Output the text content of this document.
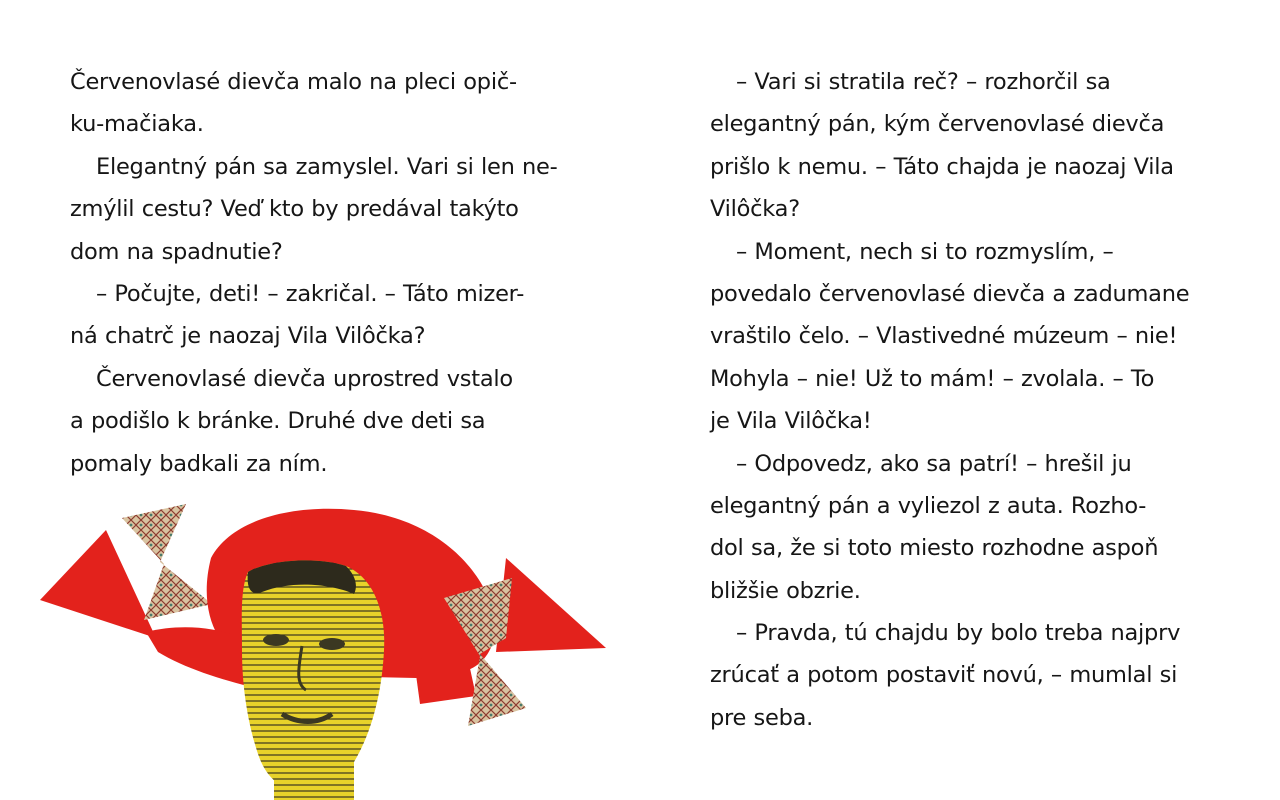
Červenovlasé dievča malo na pleci opič-
ku-mačiaka.
Elegantný pán sa zamyslel. Vari si len ne-
zmýlil cestu? Veď kto by predával takýto
dom na spadnutie?
– Počujte, deti! – zakričal. – Táto mizer-
ná chatrč je naozaj Vila Vilôčka?
Červenovlasé dievča uprostred vstalo
a podišlo k bránke. Druhé dve deti sa
pomaly badkali za ním.
– Vari si stratila reč? – rozhorčil sa
elegantný pán, kým červenovlasé dievča
prišlo k nemu. – Táto chajda je naozaj Vila
Vilôčka?
– Moment, nech si to rozmyslím, –
povedalo červenovlasé dievča a zadumane
vraštilo čelo. – Vlastivedné múzeum – nie!
Mohyla – nie! Už to mám! – zvolala. – To
je Vila Vilôčka!
– Odpovedz, ako sa patrí! – hrešil ju
elegantný pán a vyliezol z auta. Rozho-
dol sa, že si toto miesto rozhodne aspoň
bližšie obzrie.
– Pravda, tú chajdu by bolo treba najprv
zrúcať a potom postaviť novú, – mumlal si
pre seba.
